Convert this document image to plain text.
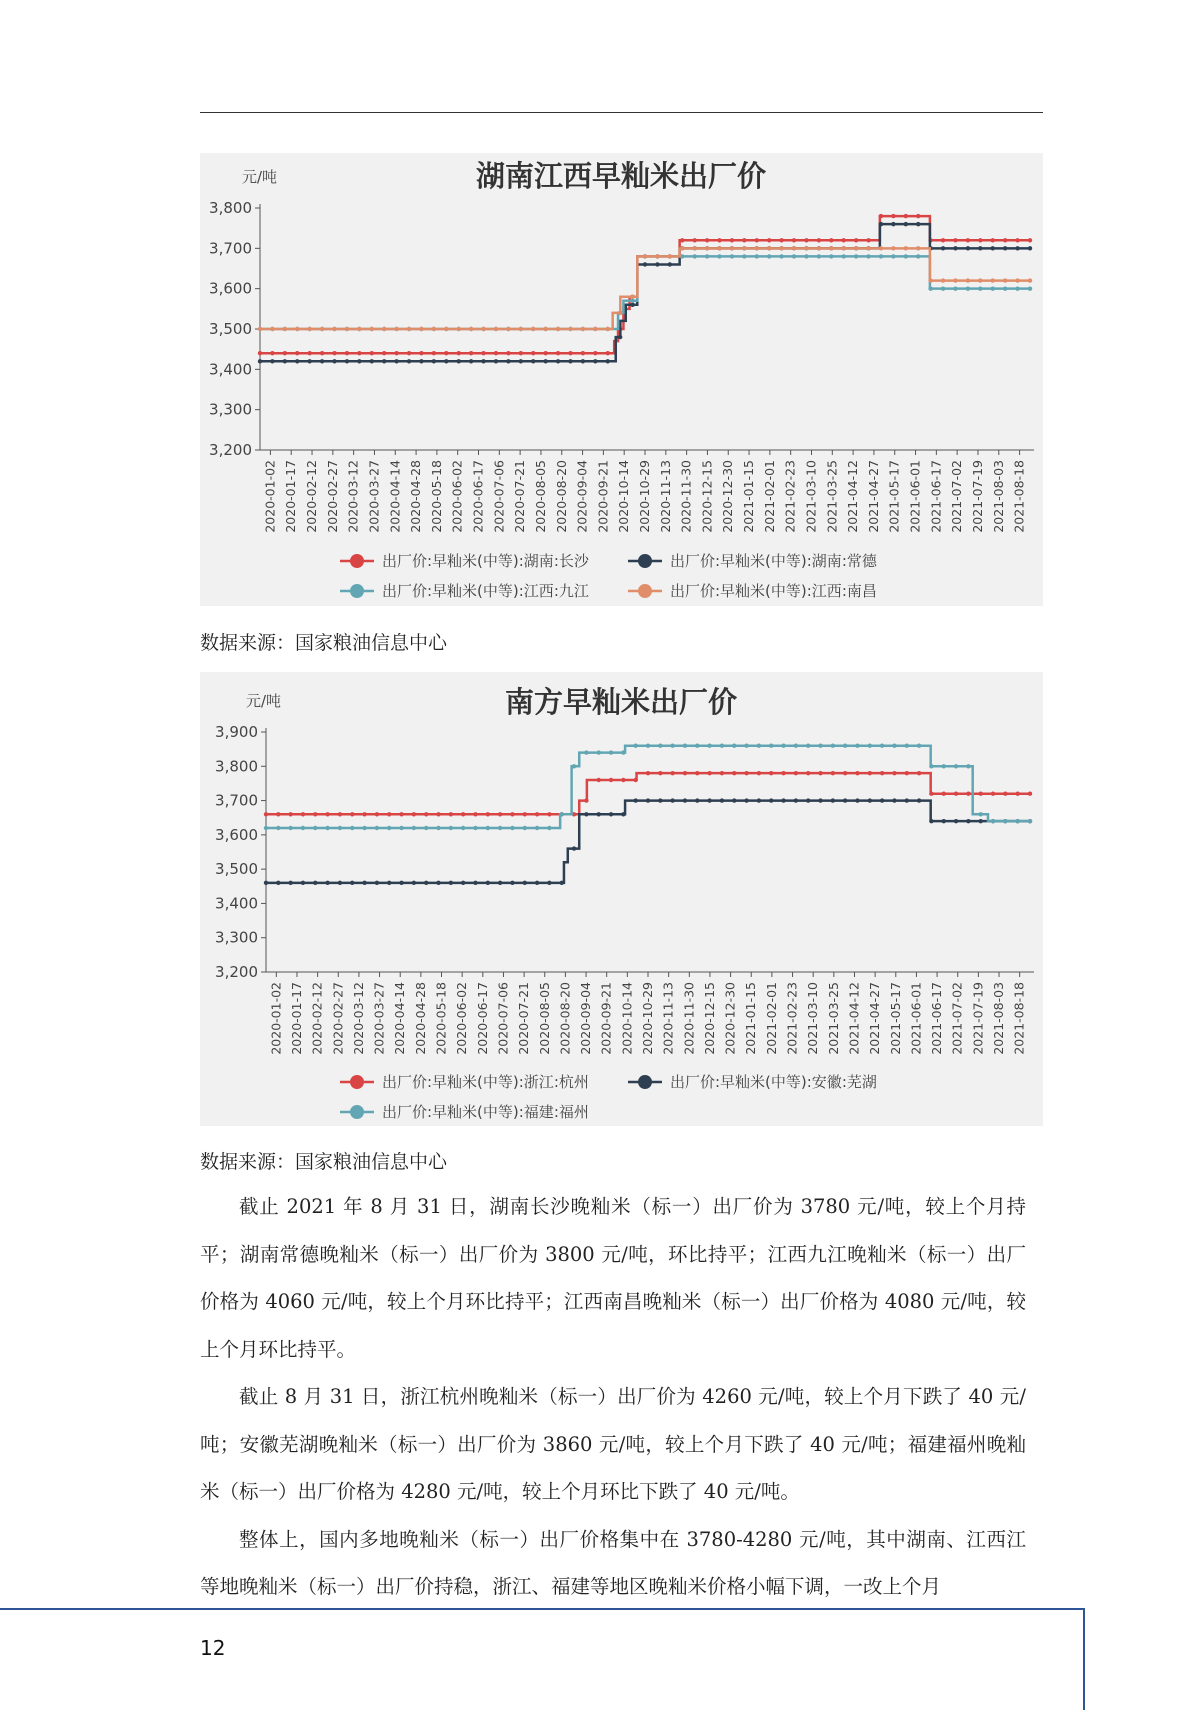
湖南江西早籼米出厂价
元/吨
3,800
3,700
3,600
3,500
3,400
3,300
3,200
2020-01-02 2020-01-17 2020-02-12 2020-02-27 2020-03-12 2020-03-27 2020-04-14 2020-04-28 2020-05-18 2020-06-02 2020-06-17 2020-07-06 2020-07-21 2020-08-05 2020-08-20 2020-09-04 2020-09-21 2020-10-14 2020-10-29 2020-11-13 2020-11-30 2020-12-15 2020-12-30 2021-01-15 2021-02-01 2021-02-23 2021-03-10 2021-03-25 2021-04-12 2021-04-27 2021-05-17 2021-06-01 2021-06-17 2021-07-02 2021-07-19 2021-08-03 2021-08-18
出厂价:早籼米(中等):湖南:长沙	出厂价:早籼米(中等):湖南:常德
出厂价:早籼米(中等):江西:九江	出厂价:早籼米(中等):江西:南昌
数据来源：国家粮油信息中心
南方早籼米出厂价
元/吨
3,900
3,800
3,700
3,600
3,500
3,400
3,300
3,200
2020-01-02 2020-01-17 2020-02-12 2020-02-27 2020-03-12 2020-03-27 2020-04-14 2020-04-28 2020-05-18 2020-06-02 2020-06-17 2020-07-06 2020-07-21 2020-08-05 2020-08-20 2020-09-04 2020-09-21 2020-10-14 2020-10-29 2020-11-13 2020-11-30 2020-12-15 2020-12-30 2021-01-15 2021-02-01 2021-02-23 2021-03-10 2021-03-25 2021-04-12 2021-04-27 2021-05-17 2021-06-01 2021-06-17 2021-07-02 2021-07-19 2021-08-03 2021-08-18
出厂价:早籼米(中等):浙江:杭州	出厂价:早籼米(中等):安徽:芜湖
出厂价:早籼米(中等):福建:福州
数据来源：国家粮油信息中心

截止 2021 年 8 月 31 日，湖南长沙晚籼米（标一）出厂价为 3780 元/吨，较上个月持平；湖南常德晚籼米（标一）出厂价为 3800 元/吨，环比持平；江西九江晚籼米（标一）出厂价格为 4060 元/吨，较上个月环比持平；江西南昌晚籼米（标一）出厂价格为 4080 元/吨，较上个月环比持平。

截止 8 月 31 日，浙江杭州晚籼米（标一）出厂价为 4260 元/吨，较上个月下跌了 40 元/吨；安徽芜湖晚籼米（标一）出厂价为 3860 元/吨，较上个月下跌了 40 元/吨；福建福州晚籼米（标一）出厂价格为 4280 元/吨，较上个月环比下跌了 40 元/吨。

整体上，国内多地晚籼米（标一）出厂价格集中在 3780-4280 元/吨，其中湖南、江西江等地晚籼米（标一）出厂价持稳，浙江、福建等地区晚籼米价格小幅下调，一改上个月

12
